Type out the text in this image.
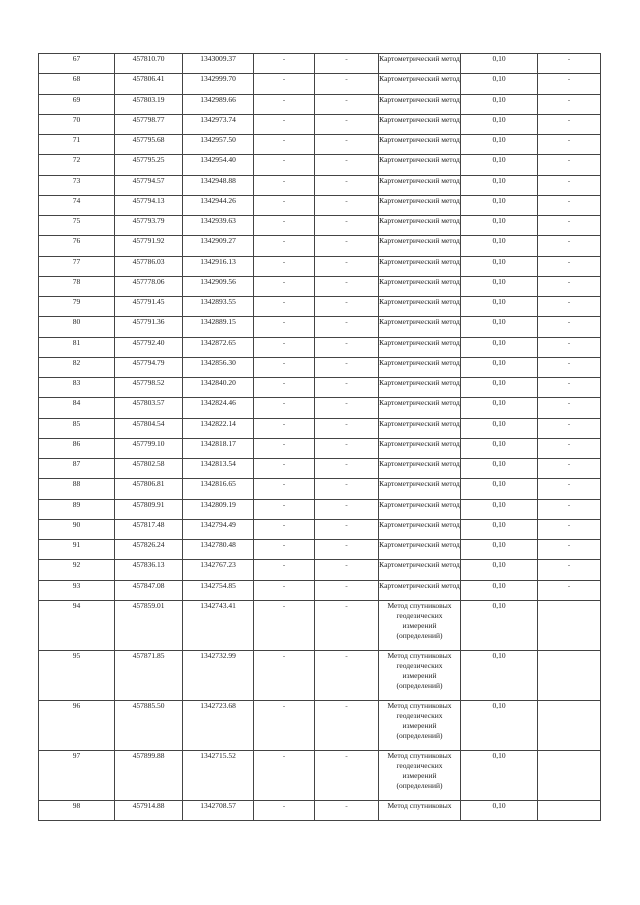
67	457810.70	1343009.37	-	-	Картометрический метод	0,10	-
68	457806.41	1342999.70	-	-	Картометрический метод	0,10	-
69	457803.19	1342989.66	-	-	Картометрический метод	0,10	-
70	457798.77	1342973.74	-	-	Картометрический метод	0,10	-
71	457795.68	1342957.50	-	-	Картометрический метод	0,10	-
72	457795.25	1342954.40	-	-	Картометрический метод	0,10	-
73	457794.57	1342948.88	-	-	Картометрический метод	0,10	-
74	457794.13	1342944.26	-	-	Картометрический метод	0,10	-
75	457793.79	1342939.63	-	-	Картометрический метод	0,10	-
76	457791.92	1342909.27	-	-	Картометрический метод	0,10	-
77	457786.03	1342916.13	-	-	Картометрический метод	0,10	-
78	457778.06	1342909.56	-	-	Картометрический метод	0,10	-
79	457791.45	1342893.55	-	-	Картометрический метод	0,10	-
80	457791.36	1342889.15	-	-	Картометрический метод	0,10	-
81	457792.40	1342872.65	-	-	Картометрический метод	0,10	-
82	457794.79	1342856.30	-	-	Картометрический метод	0,10	-
83	457798.52	1342840.20	-	-	Картометрический метод	0,10	-
84	457803.57	1342824.46	-	-	Картометрический метод	0,10	-
85	457804.54	1342822.14	-	-	Картометрический метод	0,10	-
86	457799.10	1342818.17	-	-	Картометрический метод	0,10	-
87	457802.58	1342813.54	-	-	Картометрический метод	0,10	-
88	457806.81	1342816.65	-	-	Картометрический метод	0,10	-
89	457809.91	1342809.19	-	-	Картометрический метод	0,10	-
90	457817.48	1342794.49	-	-	Картометрический метод	0,10	-
91	457826.24	1342780.48	-	-	Картометрический метод	0,10	-
92	457836.13	1342767.23	-	-	Картометрический метод	0,10	-
93	457847.08	1342754.85	-	-	Картометрический метод	0,10	-
94	457859.01	1342743.41	-	-	Метод спутниковых геодезических измерений (определений)	0,10	
95	457871.85	1342732.99	-	-	Метод спутниковых геодезических измерений (определений)	0,10	
96	457885.50	1342723.68	-	-	Метод спутниковых геодезических измерений (определений)	0,10	
97	457899.88	1342715.52	-	-	Метод спутниковых геодезических измерений (определений)	0,10	
98	457914.88	1342708.57	-	-	Метод спутниковых	0,10	
